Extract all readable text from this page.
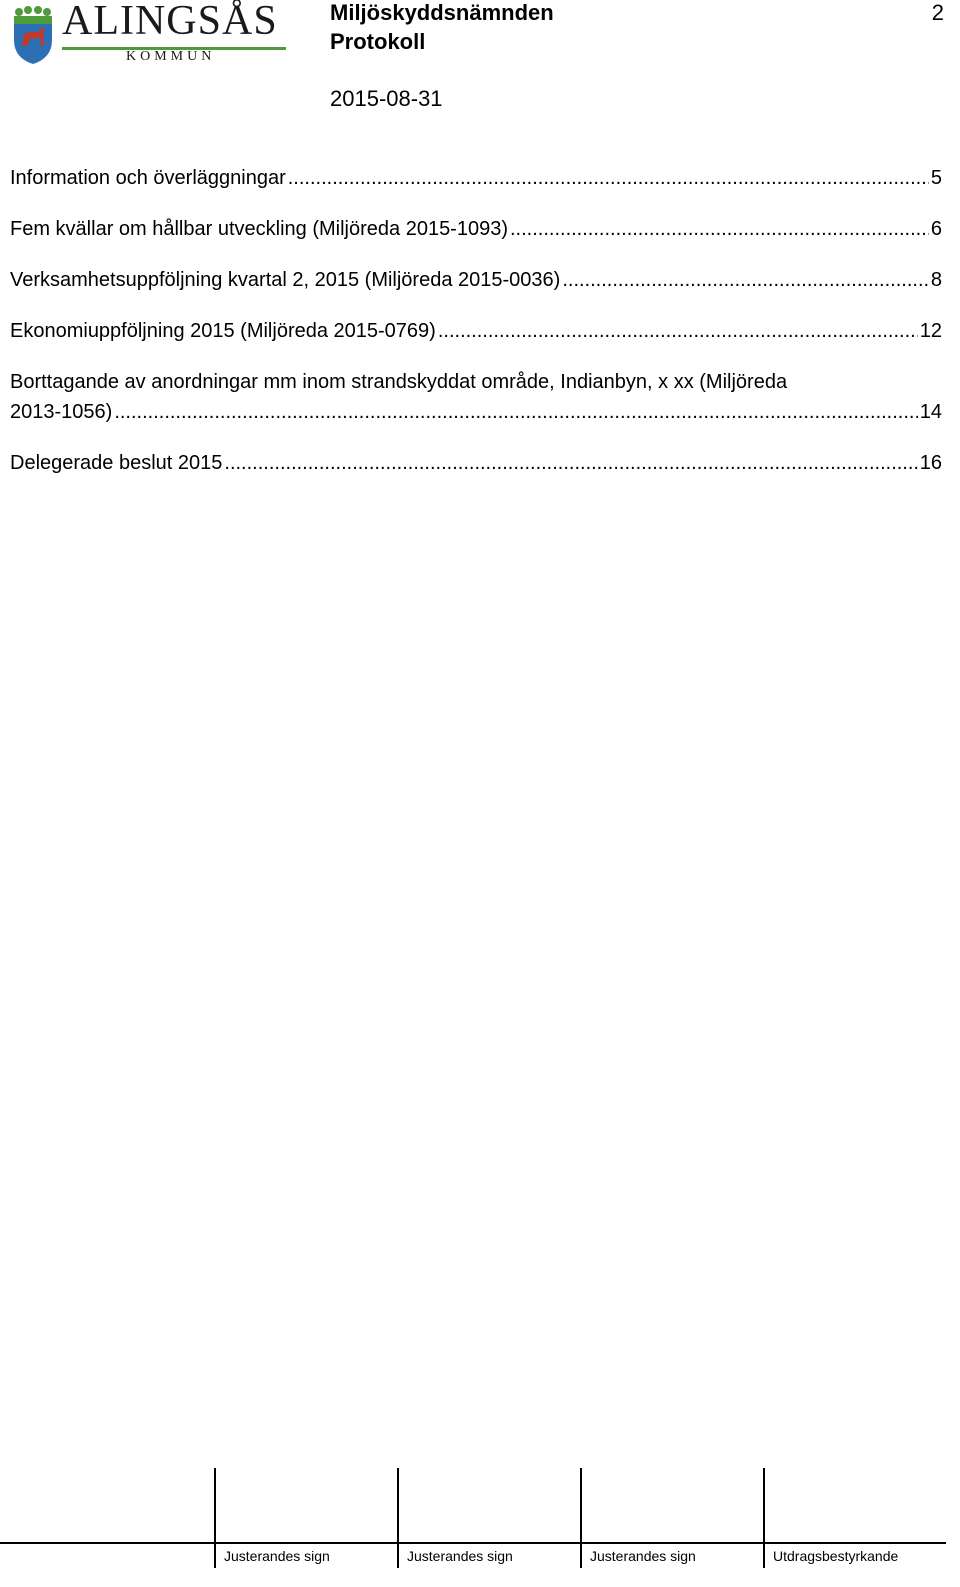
ALINGSÅS
KOMMUN
Miljöskyddsnämnden
Protokoll
2015-08-31
2
Information och överläggningar .....	5
Fem kvällar om hållbar utveckling (Miljöreda 2015-1093) .....	6
Verksamhetsuppföljning kvartal 2, 2015 (Miljöreda 2015-0036) .....	8
Ekonomiuppföljning 2015 (Miljöreda 2015-0769) .....	12
Borttagande av anordningar mm inom strandskyddat område, Indianbyn, x xx (Miljöreda
2013-1056) .....	14
Delegerade beslut 2015 .....	16
Justerandes sign	Justerandes sign	Justerandes sign	Utdragsbestyrkande
